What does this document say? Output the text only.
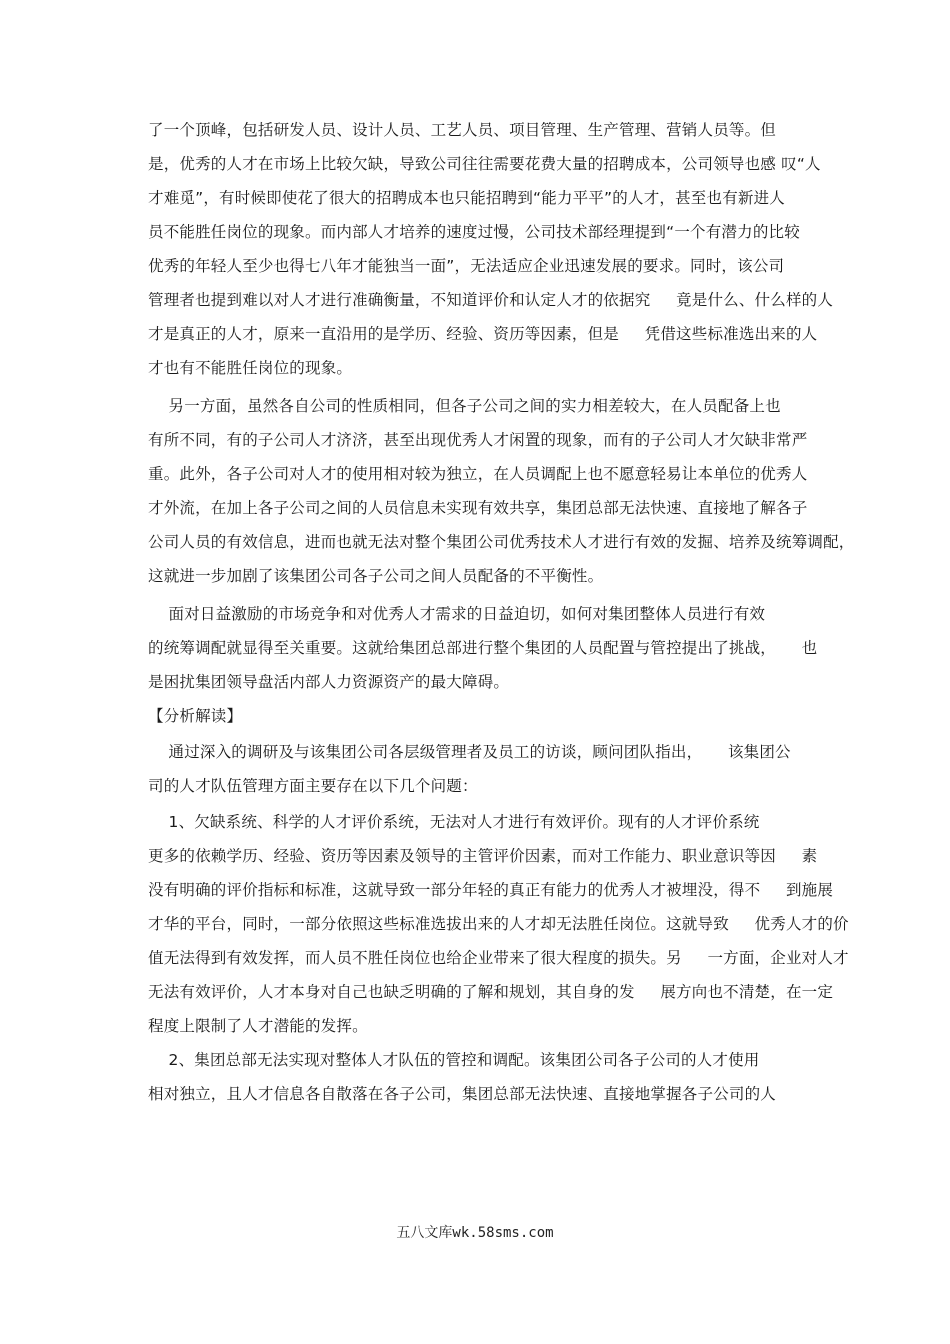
了一个顶峰，包括研发人员、设计人员、工艺人员、项目管理、生产管理、营销人员等。但
是，优秀的人才在市场上比较欠缺，导致公司往往需要花费大量的招聘成本，公司领导也感 叹“人
才难觅”，有时候即使花了很大的招聘成本也只能招聘到“能力平平”的人才，甚至也有新进人
员不能胜任岗位的现象。而内部人才培养的速度过慢，公司技术部经理提到“一个有潜力的比较
优秀的年轻人至少也得七八年才能独当一面”，无法适应企业迅速发展的要求。同时，该公司
管理者也提到难以对人才进行准确衡量，不知道评价和认定人才的依据究     竟是什么、什么样的人
才是真正的人才，原来一直沿用的是学历、经验、资历等因素，但是     凭借这些标准选出来的人
才也有不能胜任岗位的现象。
另一方面，虽然各自公司的性质相同，但各子公司之间的实力相差较大，在人员配备上也
有所不同，有的子公司人才济济，甚至出现优秀人才闲置的现象，而有的子公司人才欠缺非常严
重。此外，各子公司对人才的使用相对较为独立，在人员调配上也不愿意轻易让本单位的优秀人
才外流，在加上各子公司之间的人员信息未实现有效共享，集团总部无法快速、直接地了解各子
公司人员的有效信息，进而也就无法对整个集团公司优秀技术人才进行有效的发掘、培养及统筹调配，
这就进一步加剧了该集团公司各子公司之间人员配备的不平衡性。
面对日益激励的市场竞争和对优秀人才需求的日益迫切，如何对集团整体人员进行有效
的统筹调配就显得至关重要。这就给集团总部进行整个集团的人员配置与管控提出了挑战，     也
是困扰集团领导盘活内部人力资源资产的最大障碍。
【分析解读】
通过深入的调研及与该集团公司各层级管理者及员工的访谈，顾问团队指出，     该集团公
司的人才队伍管理方面主要存在以下几个问题：
1、欠缺系统、科学的人才评价系统，无法对人才进行有效评价。现有的人才评价系统
更多的依赖学历、经验、资历等因素及领导的主管评价因素，而对工作能力、职业意识等因     素
没有明确的评价指标和标准，这就导致一部分年轻的真正有能力的优秀人才被埋没，得不     到施展
才华的平台，同时，一部分依照这些标准选拔出来的人才却无法胜任岗位。这就导致     优秀人才的价
值无法得到有效发挥，而人员不胜任岗位也给企业带来了很大程度的损失。另     一方面，企业对人才
无法有效评价，人才本身对自己也缺乏明确的了解和规划，其自身的发     展方向也不清楚，在一定
程度上限制了人才潜能的发挥。
2、集团总部无法实现对整体人才队伍的管控和调配。该集团公司各子公司的人才使用
相对独立，且人才信息各自散落在各子公司，集团总部无法快速、直接地掌握各子公司的人
五八文库wk.58sms.com
